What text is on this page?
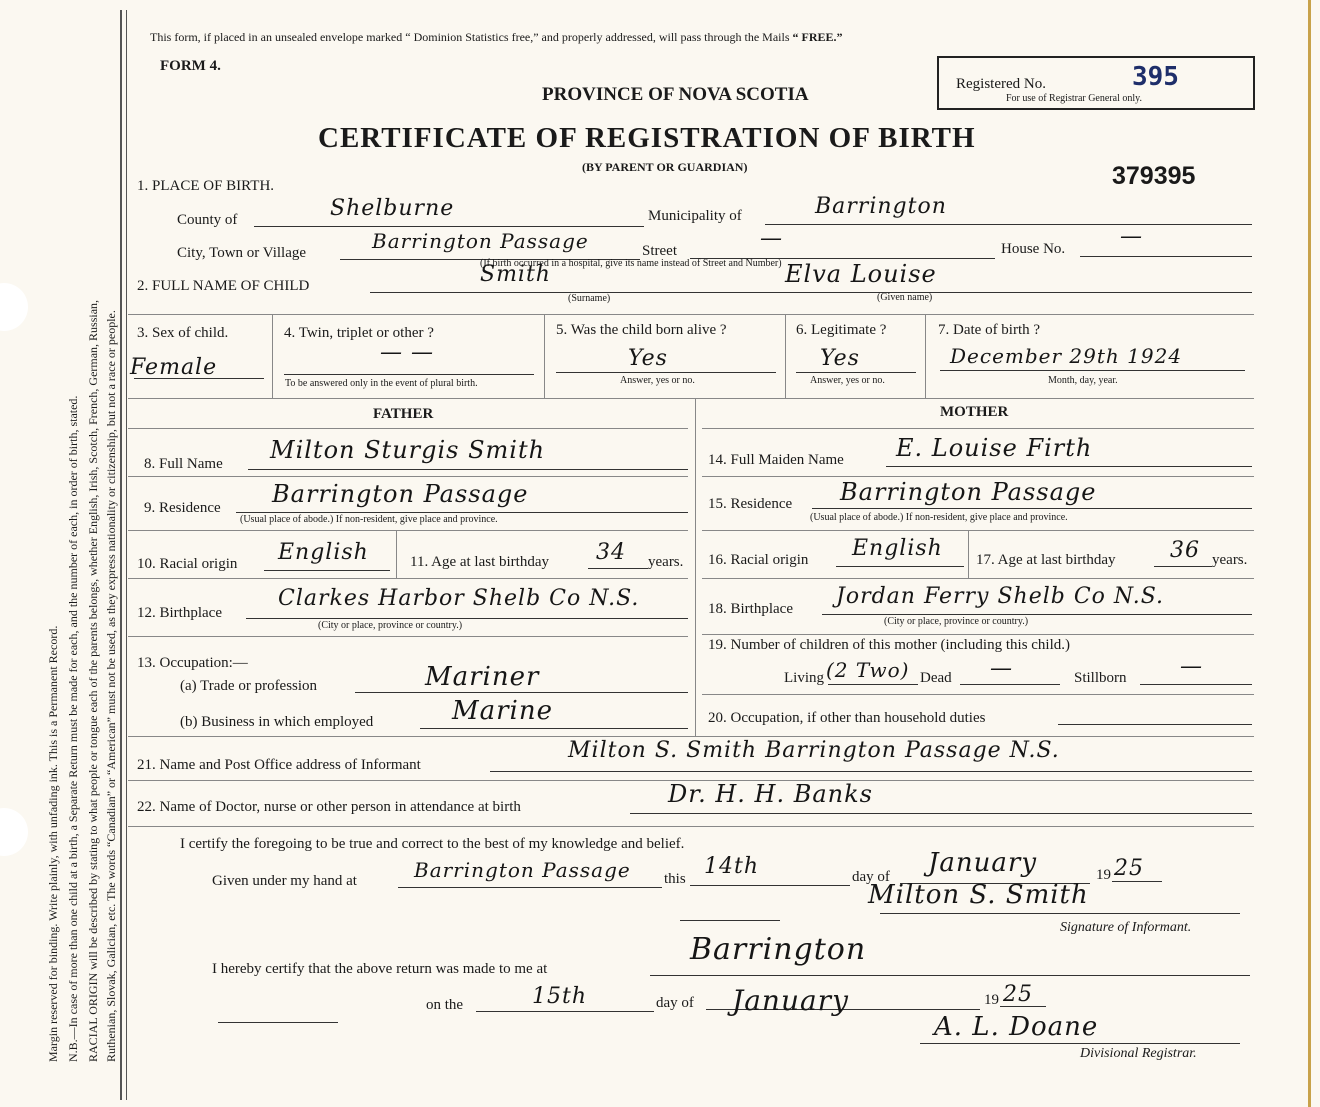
Margin reserved for binding. Write plainly, with unfading ink. This is a Permanent Record. N.B.—In case of more than one child at a birth, a Separate Return must be made for each, and the number of each, in order of birth, stated. RACIAL ORIGIN will be described by stating to what people or tongue each of the parents belongs, whether English, Irish, Scotch, French, German, Russian, Ruthenian, Slovak, Galician, etc. The words “Canadian” or “American” must not be used, as they express nationality or citizenship, but not a race or people.
This form, if placed in an unsealed envelope marked “ Dominion Statistics free,” and properly addressed, will pass through the Mails “ FREE.”
FORM 4.
PROVINCE OF NOVA SCOTIA
CERTIFICATE OF REGISTRATION OF BIRTH
(BY PARENT OR GUARDIAN)
Registered No.	395
For use of Registrar General only.
379395
1. PLACE OF BIRTH.
County of	Shelburne	Municipality of	Barrington
City, Town or Village	Barrington Passage	Street	—	House No. —
(If birth occurred in a hospital, give its name instead of Street and Number)
2. FULL NAME OF CHILD	Smith	Elva Louise
(Surname)	(Given name)
3. Sex of child.
Female
4. Twin, triplet or other ?
— —
To be answered only in the event of plural birth.
5. Was the child born alive ?
Yes
Answer, yes or no.
6. Legitimate ?
Yes
Answer, yes or no.
7. Date of birth ?
December 29th 1924
Month, day, year.
FATHER	MOTHER
8. Full Name Milton Sturgis Smith
9. Residence Barrington Passage
(Usual place of abode.) If non-resident, give place and province.
10. Racial origin English	11. Age at last birthday 34 years.
12. Birthplace
Clarkes Harbor Shelb Co N.S.
(City or place, province or country.)
13. Occupation:—
(a) Trade or profession	Mariner
(b) Business in which employed	Marine
14. Full Maiden Name E. Louise Firth
15. Residence Barrington Passage
(Usual place of abode.) If non-resident, give place and province.
16. Racial origin English 17. Age at last birthday 36 years.
18. Birthplace Jordan Ferry Shelb Co N.S.
(City or place, province or country.)
19. Number of children of this mother (including this child.)
Living (2 Two) Dead —	Stillborn —
20. Occupation, if other than household duties
21. Name and Post Office address of Informant
Milton S. Smith Barrington Passage N.S.
22. Name of Doctor, nurse or other person in attendance at birth	Dr. H. H. Banks
I certify the foregoing to be true and correct to the best of my knowledge and belief.
Given under my hand at	Barrington Passage this 14th	day of January	19 25
Milton S. Smith
Signature of Informant.
I hereby certify that the above return was made to me at
Barrington
on the	15th	day of January	19 25
A. L. Doane
Divisional Registrar.
